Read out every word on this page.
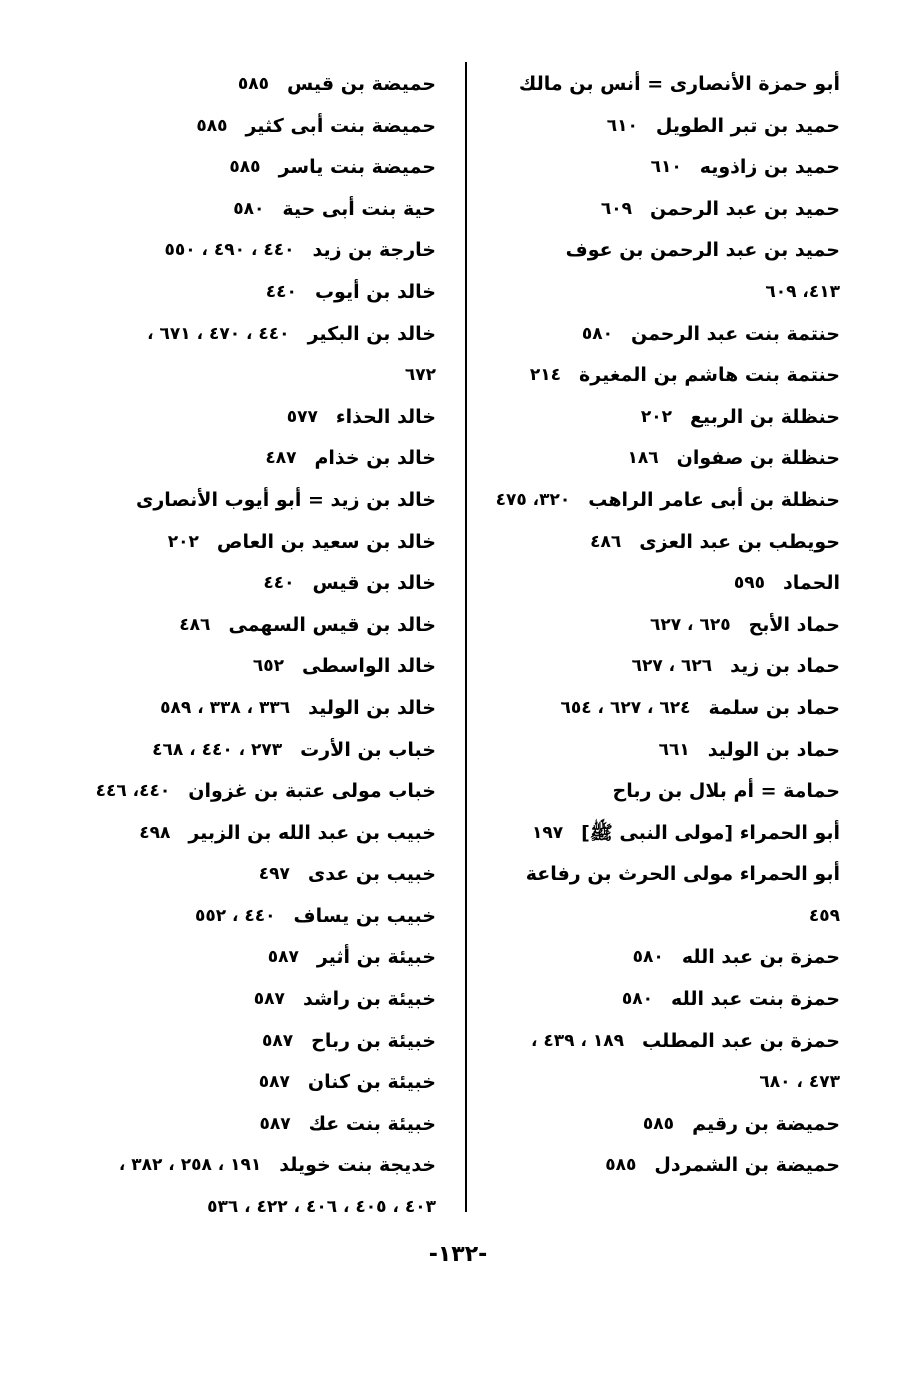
أبو حمزة الأنصارى = أنس بن مالك
حميد بن تبر الطويل
٦١٠
حميد بن زاذويه
٦١٠
حميد بن عبد الرحمن
٦٠٩
حميد بن عبد الرحمن بن عوف
٤١٣، ٦٠٩
حنتمة بنت عبد الرحمن
٥٨٠
حنتمة بنت هاشم بن المغيرة
٢١٤
حنظلة بن الربيع
٢٠٢
حنظلة بن صفوان
١٨٦
حنظلة بن أبى عامر الراهب
٣٢٠، ٤٧٥
حويطب بن عبد العزى
٤٨٦
الحماد
٥٩٥
حماد الأبح
٦٢٥ ، ٦٢٧
حماد بن زيد
٦٢٦ ، ٦٢٧
حماد بن سلمة
٦٢٤ ، ٦٢٧ ، ٦٥٤
حماد بن الوليد
٦٦١
حمامة = أم بلال بن رباح
أبو الحمراء [مولى النبى ﷺ]
١٩٧
أبو الحمراء مولى الحرث بن رفاعة
٤٥٩
حمزة بن عبد الله
٥٨٠
حمزة بنت عبد الله
٥٨٠
حمزة بن عبد المطلب
١٨٩ ، ٤٣٩ ،
٤٧٣ ، ٦٨٠
حميضة بن رقيم
٥٨٥
حميضة بن الشمردل
٥٨٥
حميضة بن قيس
٥٨٥
حميضة بنت أبى كثير
٥٨٥
حميضة بنت ياسر
٥٨٥
حية بنت أبى حية
٥٨٠
خارجة بن زيد
٤٤٠ ، ٤٩٠ ، ٥٥٠
خالد بن أيوب
٤٤٠
خالد بن البكير
٤٤٠ ، ٤٧٠ ، ٦٧١ ،
٦٧٢
خالد الحذاء
٥٧٧
خالد بن خذام
٤٨٧
خالد بن زيد = أبو أيوب الأنصارى
خالد بن سعيد بن العاص
٢٠٢
خالد بن قيس
٤٤٠
خالد بن قيس السهمى
٤٨٦
خالد الواسطى
٦٥٢
خالد بن الوليد
٣٣٦ ، ٣٣٨ ، ٥٨٩
خباب بن الأرت
٢٧٣ ، ٤٤٠ ، ٤٦٨
خباب مولى عتبة بن غزوان
٤٤٠، ٤٤٦
خبيب بن عبد الله بن الزبير
٤٩٨
خبيب بن عدى
٤٩٧
خبيب بن يساف
٤٤٠ ، ٥٥٢
خبيئة بن أثير
٥٨٧
خبيئة بن راشد
٥٨٧
خبيئة بن رباح
٥٨٧
خبيئة بن كنان
٥٨٧
خبيئة بنت عك
٥٨٧
خديجة بنت خويلد
١٩١ ، ٢٥٨ ، ٣٨٢ ،
٤٠٣ ، ٤٠٥ ، ٤٠٦ ، ٤٢٢ ، ٥٣٦
-١٣٢-
